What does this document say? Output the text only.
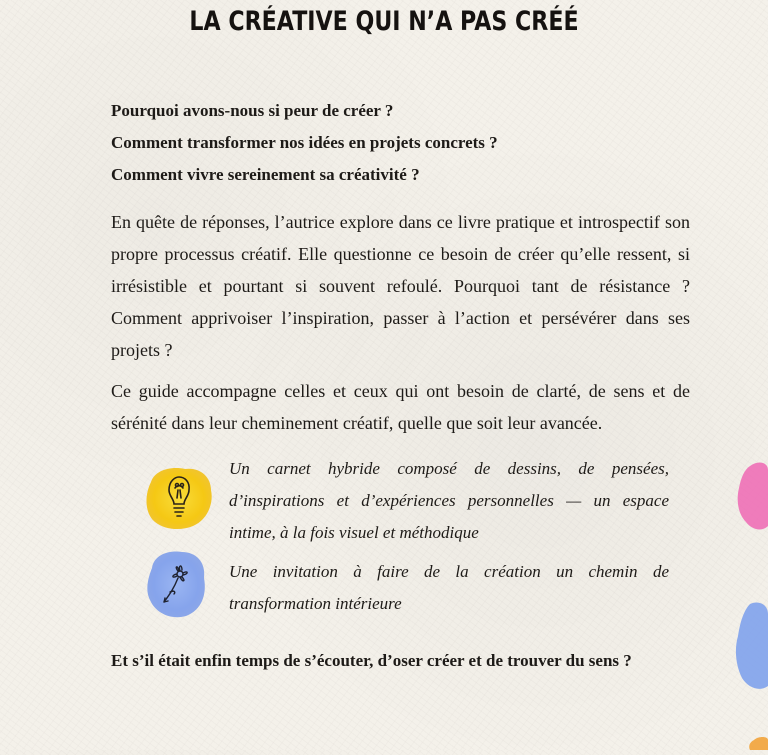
LA CRÉATIVE QUI N’A PAS CRÉÉ

Pourquoi avons-nous si peur de créer ?

Comment transformer nos idées en projets concrets ?

Comment vivre sereinement sa créativité ?

En quête de réponses, l’autrice explore dans ce livre pratique et introspectif son propre processus créatif. Elle questionne ce besoin de créer qu’elle ressent, si irrésistible et pourtant si souvent refoulé. Pourquoi tant de résistance ? Comment apprivoiser l’inspiration, passer à l’action et persévérer dans ses projets ?

Ce guide accompagne celles et ceux qui ont besoin de clarté, de sens et de sérénité dans leur cheminement créatif, quelle que soit leur avancée.

Un carnet hybride composé de dessins, de pensées, d’inspirations et d’expériences personnelles — un espace intime, à la fois visuel et méthodique

Une invitation à faire de la création un chemin de transformation intérieure

Et s’il était enfin temps de s’écouter, d’oser créer et de trouver du sens ?
